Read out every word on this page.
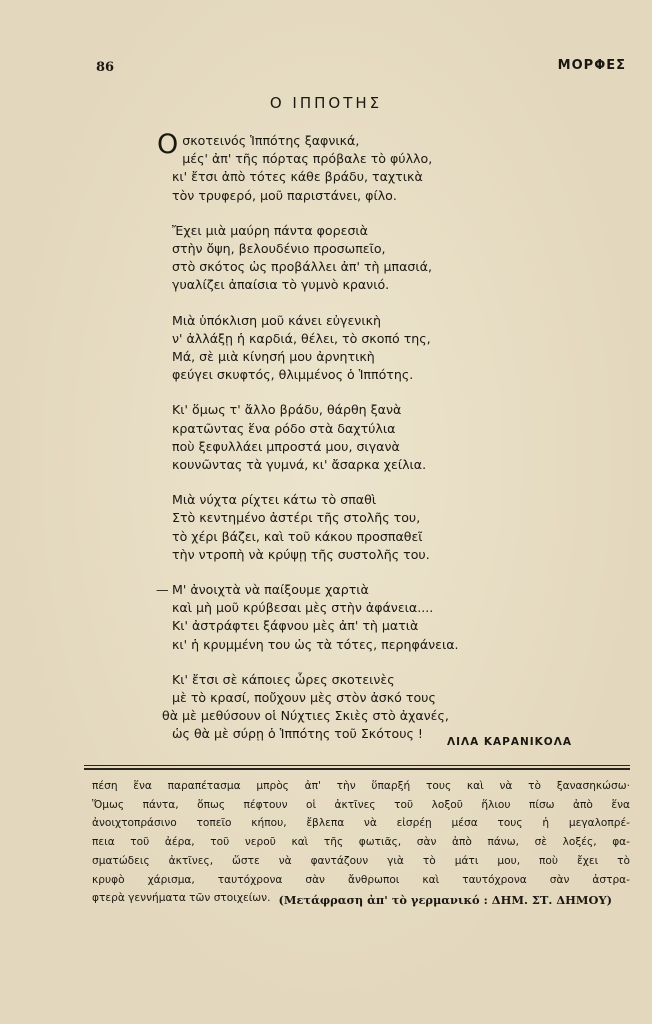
86	ΜΟΡΦΕΣ
Ο ΙΠΠΟΤΗΣ
Ο σκοτεινός Ἱππότης ξαφνικά,
μές' ἀπ' τῆς πόρτας πρόβαλε τὸ φύλλο,
κι' ἔτσι ἀπὸ τότες κάθε βράδυ, ταχτικὰ
τὸν τρυφερό, μοῦ παριστάνει, φίλο.
Ἔχει μιὰ μαύρη πάντα φορεσιὰ
στὴν ὄψη, βελουδένιο προσωπεῖο,
στὸ σκότος ὡς προβάλλει ἀπ' τὴ μπασιά,
γυαλίζει ἀπαίσια τὸ γυμνὸ κρανιό.
Μιὰ ὑπόκλιση μοῦ κάνει εὐγενικὴ
ν' ἀλλάξῃ ἡ καρδιά, θέλει, τὸ σκοπό της,
Μά, σὲ μιὰ κίνησή μου ἀρνητικὴ
φεύγει σκυφτός, θλιμμένος ὁ Ἱππότης.
Κι' ὅμως τ' ἄλλο βράδυ, θάρθη ξανὰ
κρατῶντας ἕνα ρόδο στὰ δαχτύλια
ποὺ ξεφυλλάει μπροστά μου, σιγανὰ
κουνῶντας τὰ γυμνά, κι' ἄσαρκα χείλια.
Μιὰ νύχτα ρίχτει κάτω τὸ σπαθὶ
Στὸ κεντημένο ἀστέρι τῆς στολῆς του,
τὸ χέρι βάζει, καὶ τοῦ κάκου προσπαθεῖ
τὴν ντροπὴ νὰ κρύψῃ τῆς συστολῆς του.
— Μ' ἀνοιχτὰ νὰ παίξουμε χαρτιὰ
καὶ μὴ μοῦ κρύβεσαι μὲς στὴν ἀφάνεια....
Κι' ἀστράφτει ξάφνου μὲς ἀπ' τὴ ματιὰ
κι' ἡ κρυμμένη του ὡς τὰ τότες, περηφάνεια.
Κι' ἔτσι σὲ κάποιες ὧρες σκοτεινὲς
μὲ τὸ κρασί, ποὔχουν μὲς στὸν ἀσκό τους
θὰ μὲ μεθύσουν οἱ Νύχτιες Σκιὲς στὸ ἀχανές,
ὡς θὰ μὲ σύρῃ ὁ Ἱππότης τοῦ Σκότους !
ΛΙΛΑ ΚΑΡΑΝΙΚΟΛΑ
πέση ἕνα παραπέτασμα μπρὸς ἀπ' τὴν ὕπαρξή τους καὶ νὰ τὸ ξανασηκώσω·
Ὅμως πάντα, ὅπως πέφτουν οἱ ἀκτῖνες τοῦ λοξοῦ ἥλιου πίσω ἀπὸ ἕνα
ἀνοιχτοπράσινο τοπεῖο κήπου, ἔβλεπα νὰ εἰσρέῃ μέσα τους ἡ μεγαλοπρέ-
πεια τοῦ ἀέρα, τοῦ νεροῦ καὶ τῆς φωτιᾶς, σὰν ἀπὸ πάνω, σὲ λοξές, φα-
σματώδεις ἀκτῖνες, ὥστε νὰ φαντάζουν γιὰ τὸ μάτι μου, ποὺ ἔχει τὸ
κρυφὸ χάρισμα, ταυτόχρονα σὰν ἄνθρωποι καὶ ταυτόχρονα σὰν ἀστρα-
φτερὰ γεννήματα τῶν στοιχείων. (Μετάφραση ἀπ' τὸ γερμανικό : ΔΗΜ. ΣΤ. ΔΗΜΟΥ)
